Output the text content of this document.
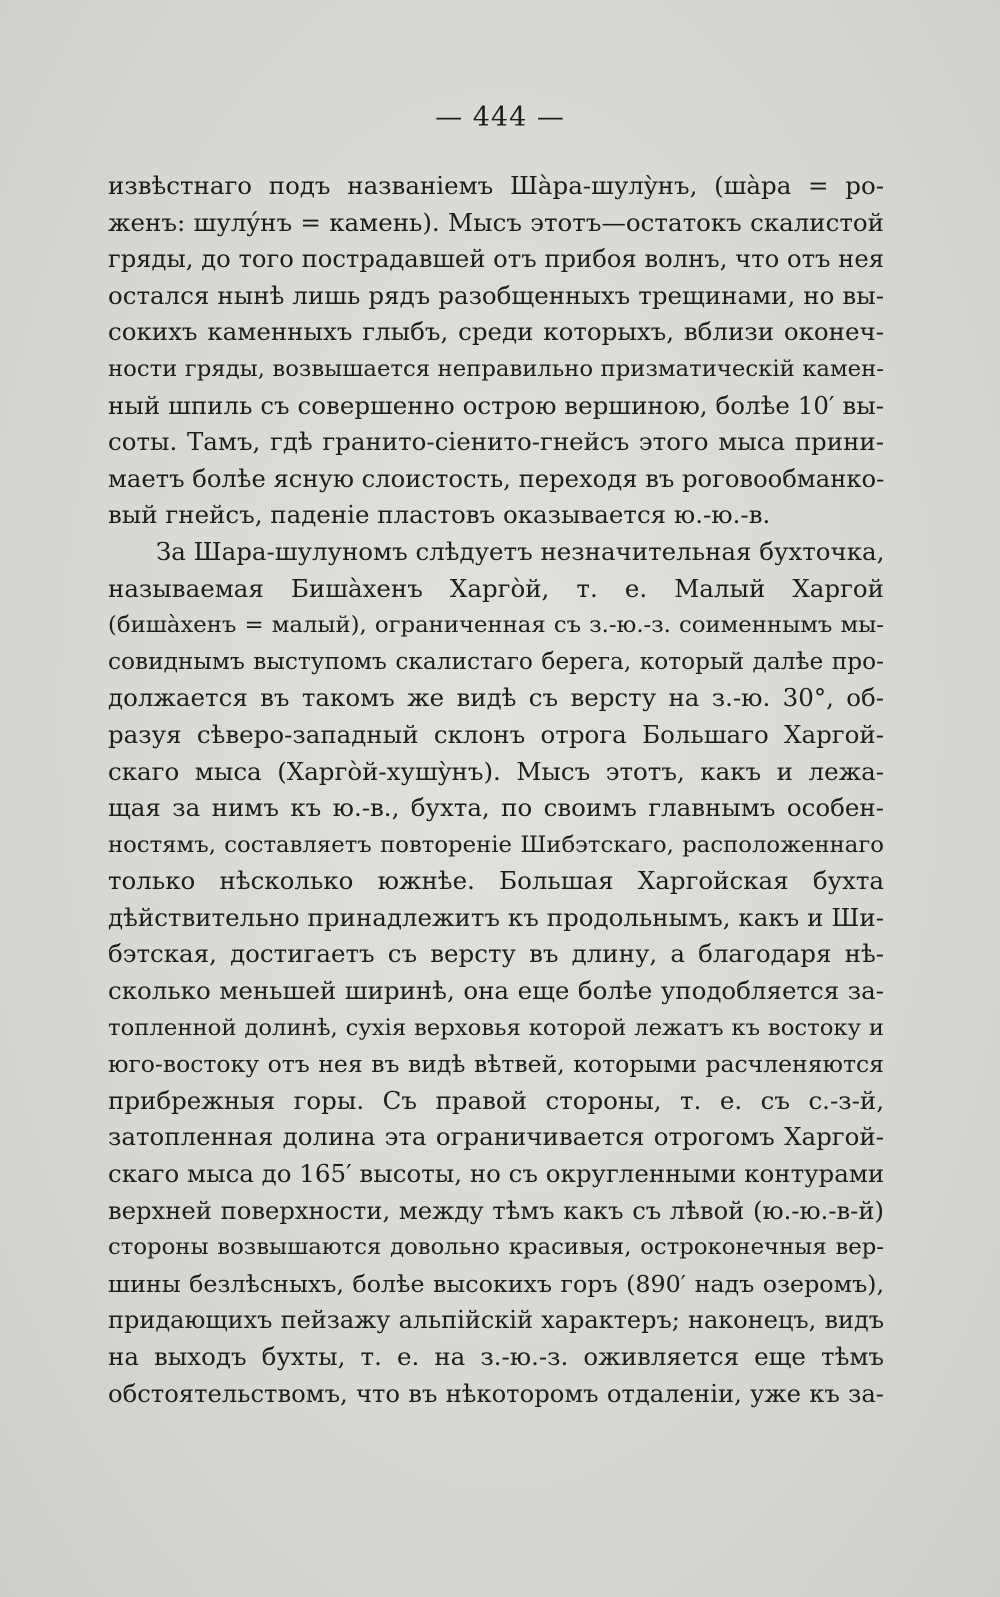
— 444 —
извѣстнаго подъ названіемъ Шàра-шулỳнъ, (шàра = ро-
женъ: шулýнъ = камень). Мысъ этотъ—остатокъ скалистой
гряды, до того пострадавшей отъ прибоя волнъ, что отъ нея
остался нынѣ лишь рядъ разобщенныхъ трещинами, но вы-
сокихъ каменныхъ глыбъ, среди которыхъ, вблизи оконеч-
ности гряды, возвышается неправильно призматическій камен-
ный шпиль съ совершенно острою вершиною, болѣе 10′ вы-
соты. Тамъ, гдѣ гранито-сіенито-гнейсъ этого мыса прини-
маетъ болѣе ясную слоистость, переходя въ роговообманко-
вый гнейсъ, паденіе пластовъ оказывается ю.-ю.-в.
За Шара-шулуномъ слѣдуетъ незначительная бухточка,
называемая Бишàхенъ Харгòй, т. е. Малый Харгой
(бишàхенъ = малый), ограниченная съ з.-ю.-з. соименнымъ мы-
совиднымъ выступомъ скалистаго берега, который далѣе про-
должается въ такомъ же видѣ съ версту на з.-ю. 30°, об-
разуя сѣверо-западный склонъ отрога Большаго Харгой-
скаго мыса (Харгòй-хушỳнъ). Мысъ этотъ, какъ и лежа-
щая за нимъ къ ю.-в., бухта, по своимъ главнымъ особен-
ностямъ, составляетъ повтореніе Шибэтскаго, расположеннаго
только нѣсколько южнѣе. Большая Харгойская бухта
дѣйствительно принадлежитъ къ продольнымъ, какъ и Ши-
бэтская, достигаетъ съ версту въ длину, а благодаря нѣ-
сколько меньшей ширинѣ, она еще болѣе уподобляется за-
топленной долинѣ, сухія верховья которой лежатъ къ востоку и
юго-востоку отъ нея въ видѣ вѣтвей, которыми расчленяются
прибрежныя горы. Съ правой стороны, т. е. съ с.-з-й,
затопленная долина эта ограничивается отрогомъ Харгой-
скаго мыса до 165′ высоты, но съ округленными контурами
верхней поверхности, между тѣмъ какъ съ лѣвой (ю.-ю.-в-й)
стороны возвышаются довольно красивыя, остроконечныя вер-
шины безлѣсныхъ, болѣе высокихъ горъ (890′ надъ озеромъ),
придающихъ пейзажу альпійскій характеръ; наконецъ, видъ
на выходъ бухты, т. е. на з.-ю.-з. оживляется еще тѣмъ
обстоятельствомъ, что въ нѣкоторомъ отдаленіи, уже къ за-
